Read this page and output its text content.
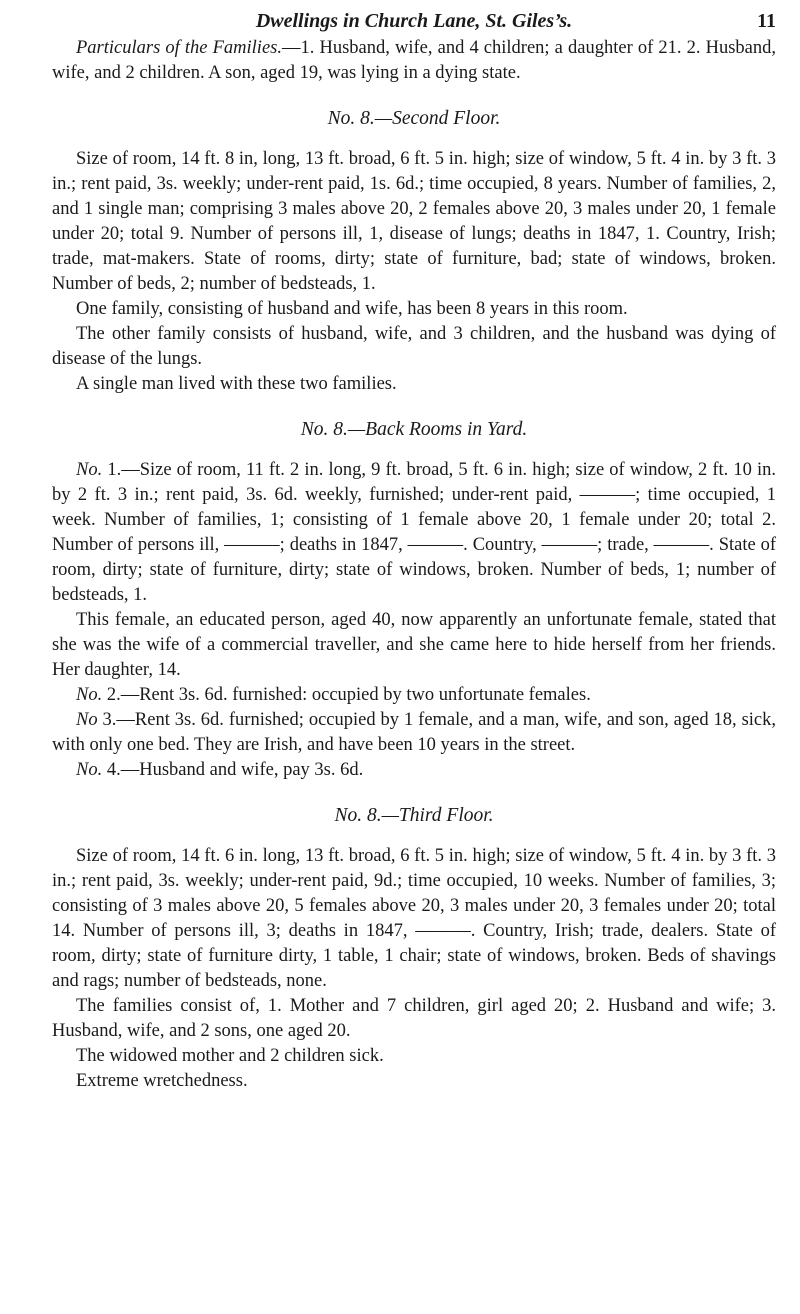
Dwellings in Church Lane, St. Giles’s.	11

Particulars of the Families.—1. Husband, wife, and 4 children; a daughter of 21. 2. Husband, wife, and 2 children. A son, aged 19, was lying in a dying state.

No. 8.—Second Floor.

Size of room, 14 ft. 8 in, long, 13 ft. broad, 6 ft. 5 in. high; size of window, 5 ft. 4 in. by 3 ft. 3 in.; rent paid, 3s. weekly; under-rent paid, 1s. 6d.; time occupied, 8 years. Number of families, 2, and 1 single man; comprising 3 males above 20, 2 females above 20, 3 males under 20, 1 female under 20; total 9. Number of persons ill, 1, disease of lungs; deaths in 1847, 1. Country, Irish; trade, mat-makers. State of rooms, dirty; state of furniture, bad; state of windows, broken. Number of beds, 2; number of bedsteads, 1.

One family, consisting of husband and wife, has been 8 years in this room.

The other family consists of husband, wife, and 3 children, and the husband was dying of disease of the lungs.

A single man lived with these two families.

No. 8.—Back Rooms in Yard.

No. 1.—Size of room, 11 ft. 2 in. long, 9 ft. broad, 5 ft. 6 in. high; size of window, 2 ft. 10 in. by 2 ft. 3 in.; rent paid, 3s. 6d. weekly, furnished; under-rent paid, ———; time occupied, 1 week. Number of families, 1; consisting of 1 female above 20, 1 female under 20; total 2. Number of persons ill, ———; deaths in 1847, ———. Country, ———; trade, ———. State of room, dirty; state of furniture, dirty; state of windows, broken. Number of beds, 1; number of bedsteads, 1.

This female, an educated person, aged 40, now apparently an unfortunate female, stated that she was the wife of a commercial traveller, and she came here to hide herself from her friends. Her daughter, 14.

No. 2.—Rent 3s. 6d. furnished: occupied by two unfortunate females.

No 3.—Rent 3s. 6d. furnished; occupied by 1 female, and a man, wife, and son, aged 18, sick, with only one bed. They are Irish, and have been 10 years in the street.

No. 4.—Husband and wife, pay 3s. 6d.

No. 8.—Third Floor.

Size of room, 14 ft. 6 in. long, 13 ft. broad, 6 ft. 5 in. high; size of window, 5 ft. 4 in. by 3 ft. 3 in.; rent paid, 3s. weekly; under-rent paid, 9d.; time occupied, 10 weeks. Number of families, 3; consisting of 3 males above 20, 5 females above 20, 3 males under 20, 3 females under 20; total 14. Number of persons ill, 3; deaths in 1847, ———. Country, Irish; trade, dealers. State of room, dirty; state of furniture dirty, 1 table, 1 chair; state of windows, broken. Beds of shavings and rags; number of bedsteads, none.

The families consist of, 1. Mother and 7 children, girl aged 20; 2. Husband and wife; 3. Husband, wife, and 2 sons, one aged 20.

The widowed mother and 2 children sick.

Extreme wretchedness.
